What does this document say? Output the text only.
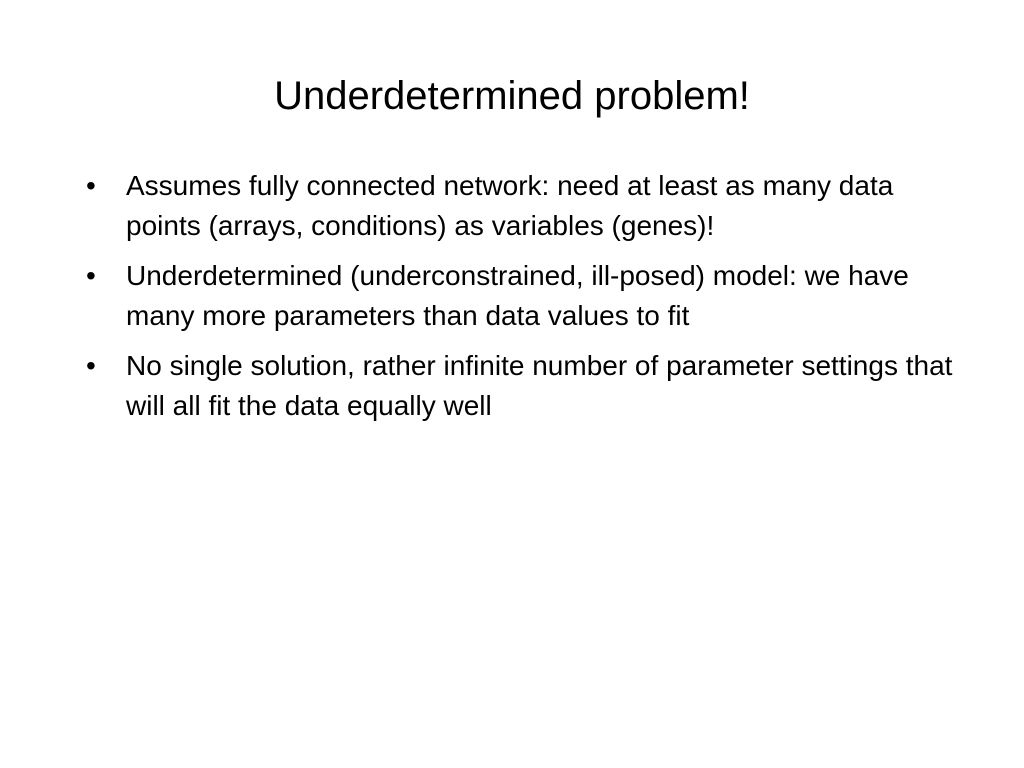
Underdetermined problem!
•	Assumes fully connected network: need at least as many data points (arrays, conditions) as variables (genes)!
•	Underdetermined (underconstrained, ill-posed) model: we have many more parameters than data values to fit
•	No single solution, rather infinite number of parameter settings that will all fit the data equally well
